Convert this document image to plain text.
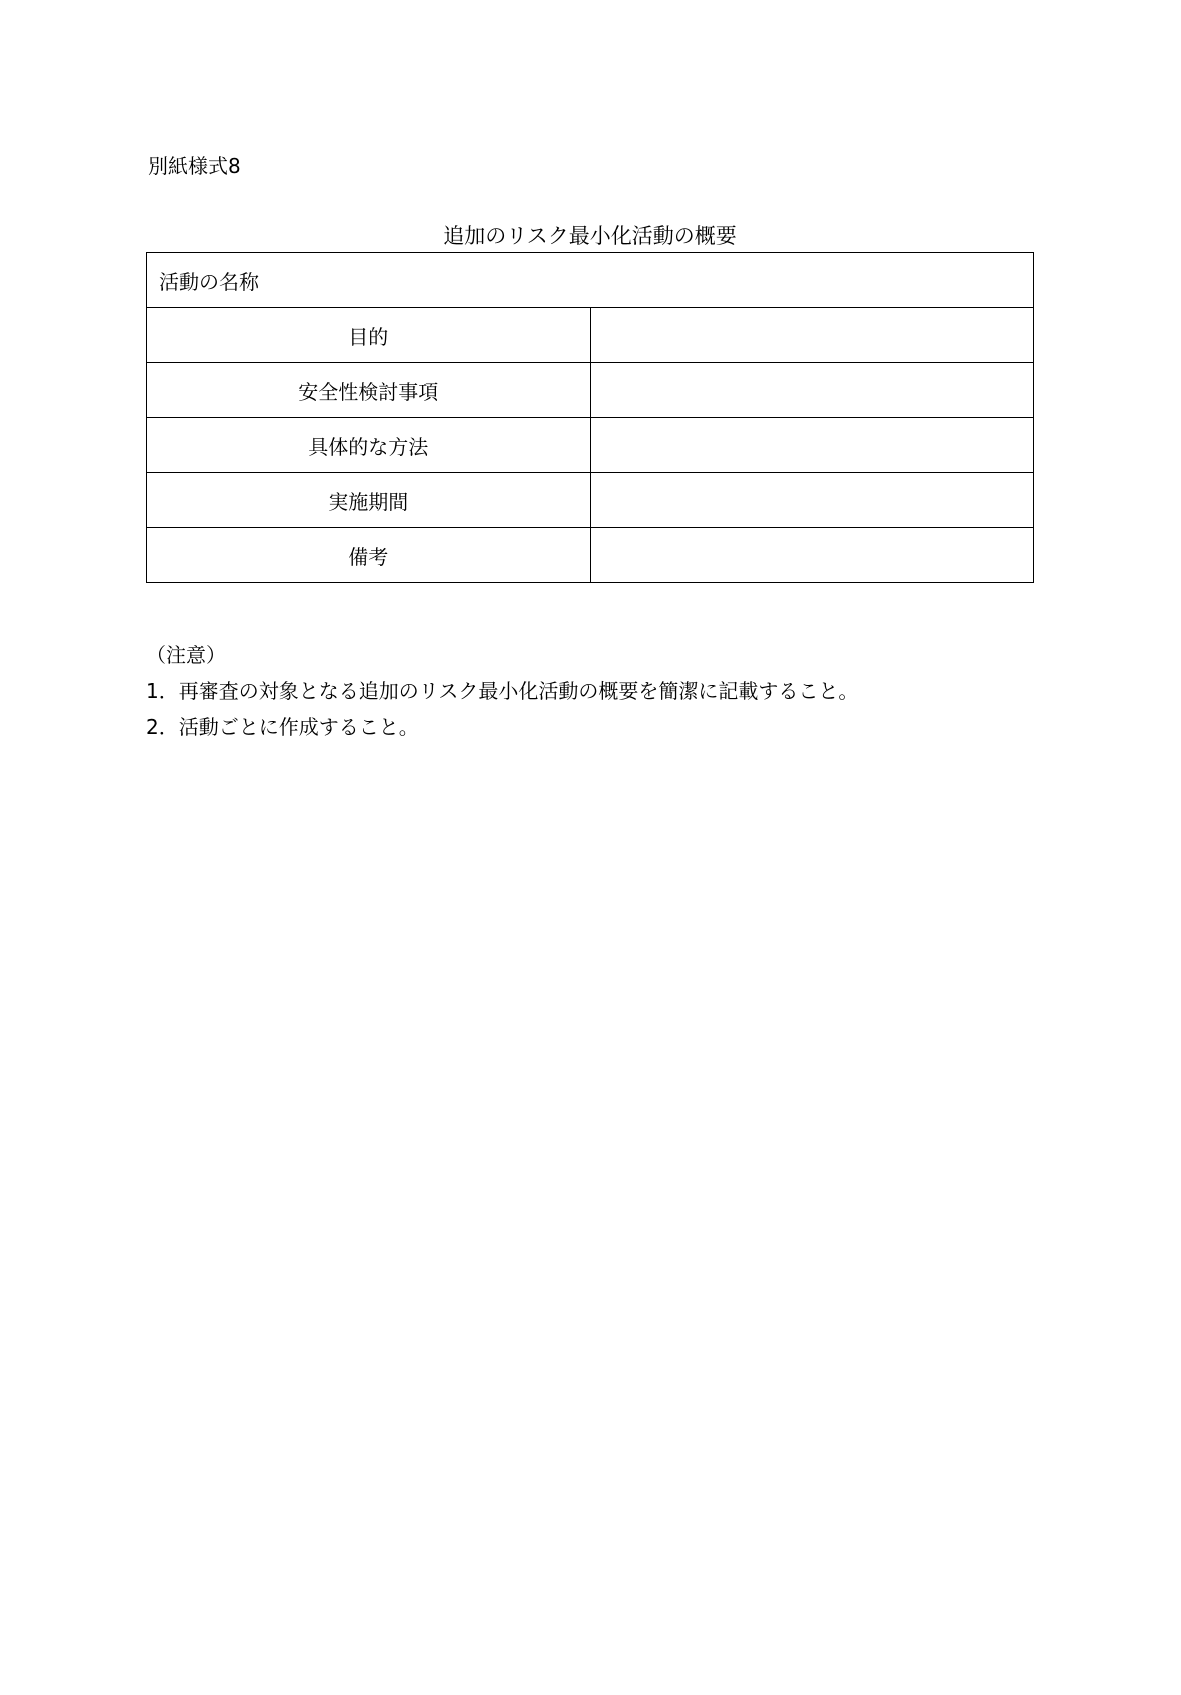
別紙様式8

追加のリスク最小化活動の概要
活動の名称	
目的	
安全性検討事項	
具体的な方法	
実施期間	
備考	
（注意）
1．再審査の対象となる追加のリスク最小化活動の概要を簡潔に記載すること。
2．活動ごとに作成すること。
